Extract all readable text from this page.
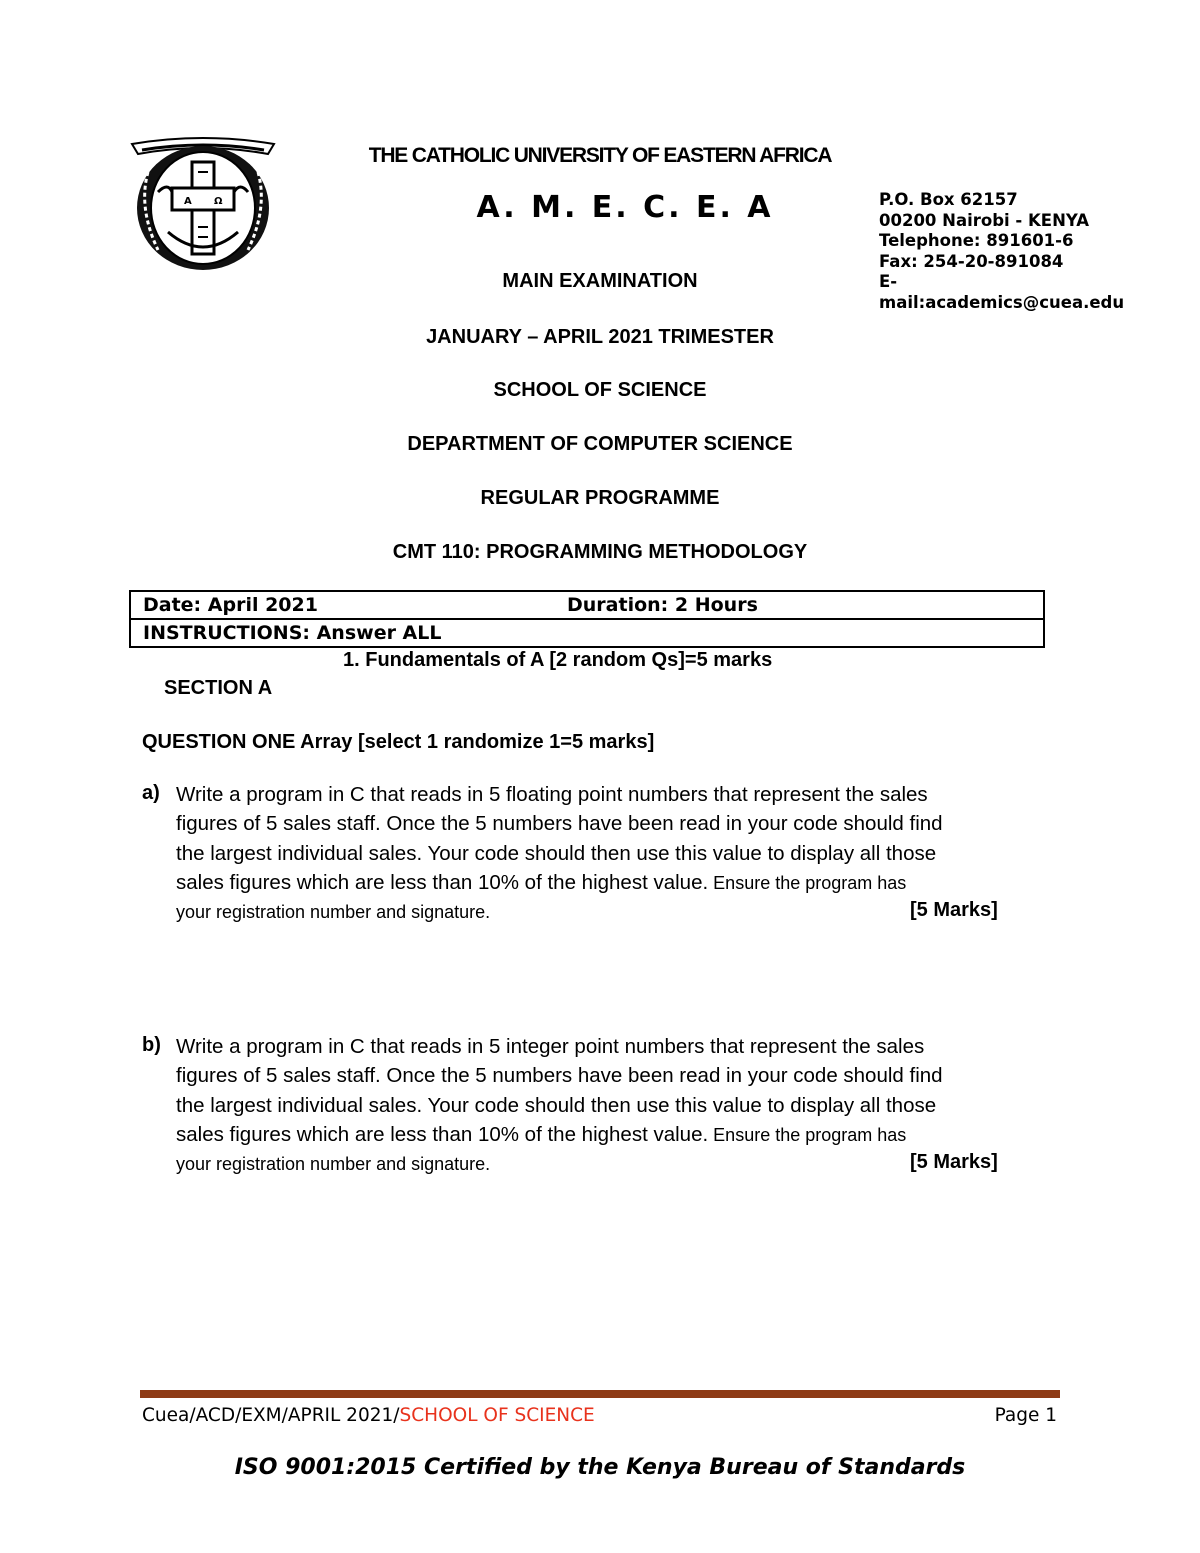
A Ω
THE CATHOLIC UNIVERSITY OF EASTERN AFRICA
A. M. E. C. E. A	P.O. Box 62157
00200 Nairobi - KENYA
Telephone: 891601-6
Fax: 254-20-891084
E-
mail:academics@cuea.edu
MAIN EXAMINATION
JANUARY – APRIL 2021 TRIMESTER
SCHOOL OF SCIENCE
DEPARTMENT OF COMPUTER SCIENCE
REGULAR PROGRAMME
CMT 110: PROGRAMMING METHODOLOGY
Date: April 2021	Duration: 2 Hours
INSTRUCTIONS: Answer ALL
1. Fundamentals of A [2 random Qs]=5 marks
SECTION A
QUESTION ONE Array [select 1 randomize 1=5 marks]
a) Write a program in C that reads in 5 floating point numbers that represent the sales
figures of 5 sales staff. Once the 5 numbers have been read in your code should find
the largest individual sales. Your code should then use this value to display all those
sales figures which are less than 10% of the highest value. Ensure the program has
your registration number and signature.	[5 Marks]
b) Write a program in C that reads in 5 integer point numbers that represent the sales
figures of 5 sales staff. Once the 5 numbers have been read in your code should find
the largest individual sales. Your code should then use this value to display all those
sales figures which are less than 10% of the highest value. Ensure the program has
your registration number and signature.	[5 Marks]
Cuea/ACD/EXM/APRIL 2021/SCHOOL OF SCIENCE	Page 1
ISO 9001:2015 Certified by the Kenya Bureau of Standards
